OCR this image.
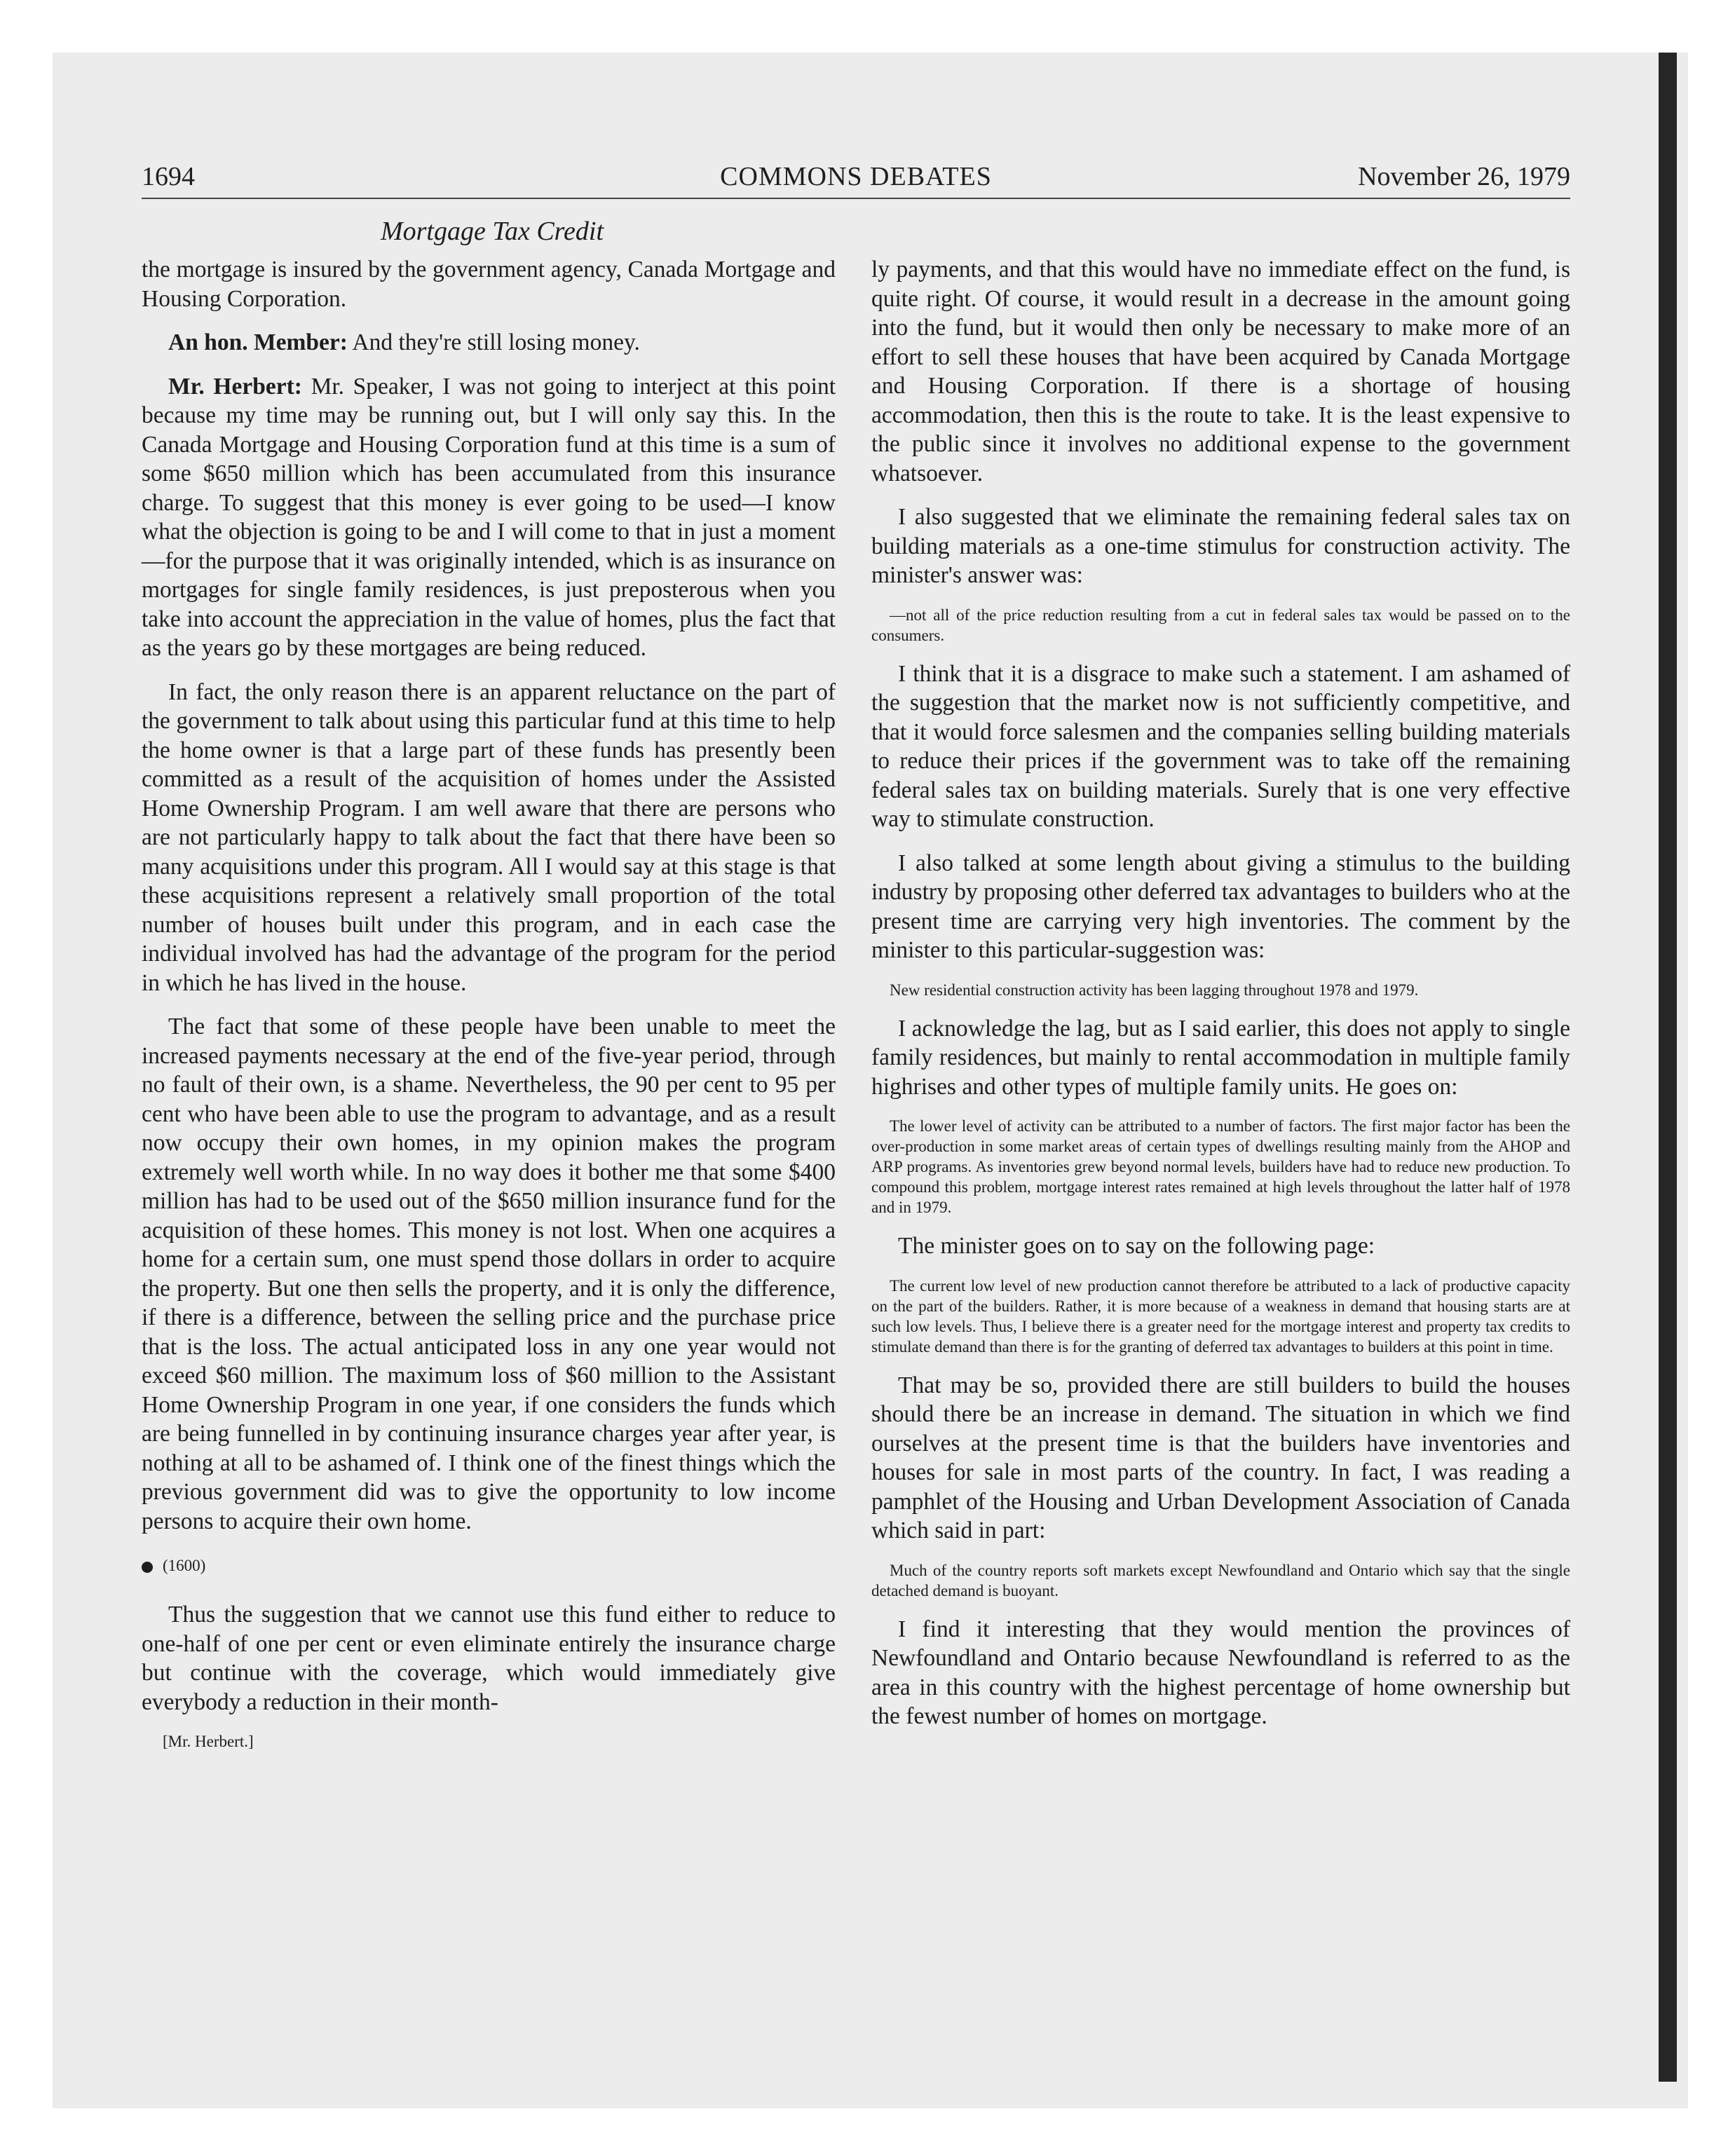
1694	COMMONS DEBATES	November 26, 1979
Mortgage Tax Credit

the mortgage is insured by the government agency, Canada Mortgage and Housing Corporation.

An hon. Member: And they're still losing money.

Mr. Herbert: Mr. Speaker, I was not going to interject at this point because my time may be running out, but I will only say this. In the Canada Mortgage and Housing Corporation fund at this time is a sum of some $650 million which has been accumulated from this insurance charge. To suggest that this money is ever going to be used—I know what the objection is going to be and I will come to that in just a moment—for the purpose that it was originally intended, which is as insurance on mortgages for single family residences, is just preposterous when you take into account the appreciation in the value of homes, plus the fact that as the years go by these mortgages are being reduced.

In fact, the only reason there is an apparent reluctance on the part of the government to talk about using this particular fund at this time to help the home owner is that a large part of these funds has presently been committed as a result of the acquisition of homes under the Assisted Home Ownership Program. I am well aware that there are persons who are not particularly happy to talk about the fact that there have been so many acquisitions under this program. All I would say at this stage is that these acquisitions represent a relatively small proportion of the total number of houses built under this program, and in each case the individual involved has had the advantage of the program for the period in which he has lived in the house.

The fact that some of these people have been unable to meet the increased payments necessary at the end of the five-year period, through no fault of their own, is a shame. Nevertheless, the 90 per cent to 95 per cent who have been able to use the program to advantage, and as a result now occupy their own homes, in my opinion makes the program extremely well worth while. In no way does it bother me that some $400 million has had to be used out of the $650 million insurance fund for the acquisition of these homes. This money is not lost. When one acquires a home for a certain sum, one must spend those dollars in order to acquire the property. But one then sells the property, and it is only the difference, if there is a difference, between the selling price and the purchase price that is the loss. The actual anticipated loss in any one year would not exceed $60 million. The maximum loss of $60 million to the Assistant Home Ownership Program in one year, if one considers the funds which are being funnelled in by continuing insurance charges year after year, is nothing at all to be ashamed of. I think one of the finest things which the previous government did was to give the opportunity to low income persons to acquire their own home.

(1600)

Thus the suggestion that we cannot use this fund either to reduce to one-half of one per cent or even eliminate entirely the insurance charge but continue with the coverage, which would immediately give everybody a reduction in their month-

[Mr. Herbert.]

ly payments, and that this would have no immediate effect on the fund, is quite right. Of course, it would result in a decrease in the amount going into the fund, but it would then only be necessary to make more of an effort to sell these houses that have been acquired by Canada Mortgage and Housing Corporation. If there is a shortage of housing accommodation, then this is the route to take. It is the least expensive to the public since it involves no additional expense to the government whatsoever.

I also suggested that we eliminate the remaining federal sales tax on building materials as a one-time stimulus for construction activity. The minister's answer was:

—not all of the price reduction resulting from a cut in federal sales tax would be passed on to the consumers.

I think that it is a disgrace to make such a statement. I am ashamed of the suggestion that the market now is not sufficiently competitive, and that it would force salesmen and the companies selling building materials to reduce their prices if the government was to take off the remaining federal sales tax on building materials. Surely that is one very effective way to stimulate construction.

I also talked at some length about giving a stimulus to the building industry by proposing other deferred tax advantages to builders who at the present time are carrying very high inventories. The comment by the minister to this particular-suggestion was:

New residential construction activity has been lagging throughout 1978 and 1979.

I acknowledge the lag, but as I said earlier, this does not apply to single family residences, but mainly to rental accommodation in multiple family highrises and other types of multiple family units. He goes on:

The lower level of activity can be attributed to a number of factors. The first major factor has been the over-production in some market areas of certain types of dwellings resulting mainly from the AHOP and ARP programs. As inventories grew beyond normal levels, builders have had to reduce new production. To compound this problem, mortgage interest rates remained at high levels throughout the latter half of 1978 and in 1979.

The minister goes on to say on the following page:

The current low level of new production cannot therefore be attributed to a lack of productive capacity on the part of the builders. Rather, it is more because of a weakness in demand that housing starts are at such low levels. Thus, I believe there is a greater need for the mortgage interest and property tax credits to stimulate demand than there is for the granting of deferred tax advantages to builders at this point in time.

That may be so, provided there are still builders to build the houses should there be an increase in demand. The situation in which we find ourselves at the present time is that the builders have inventories and houses for sale in most parts of the country. In fact, I was reading a pamphlet of the Housing and Urban Development Association of Canada which said in part:

Much of the country reports soft markets except Newfoundland and Ontario which say that the single detached demand is buoyant.

I find it interesting that they would mention the provinces of Newfoundland and Ontario because Newfoundland is referred to as the area in this country with the highest percentage of home ownership but the fewest number of homes on mortgage.
